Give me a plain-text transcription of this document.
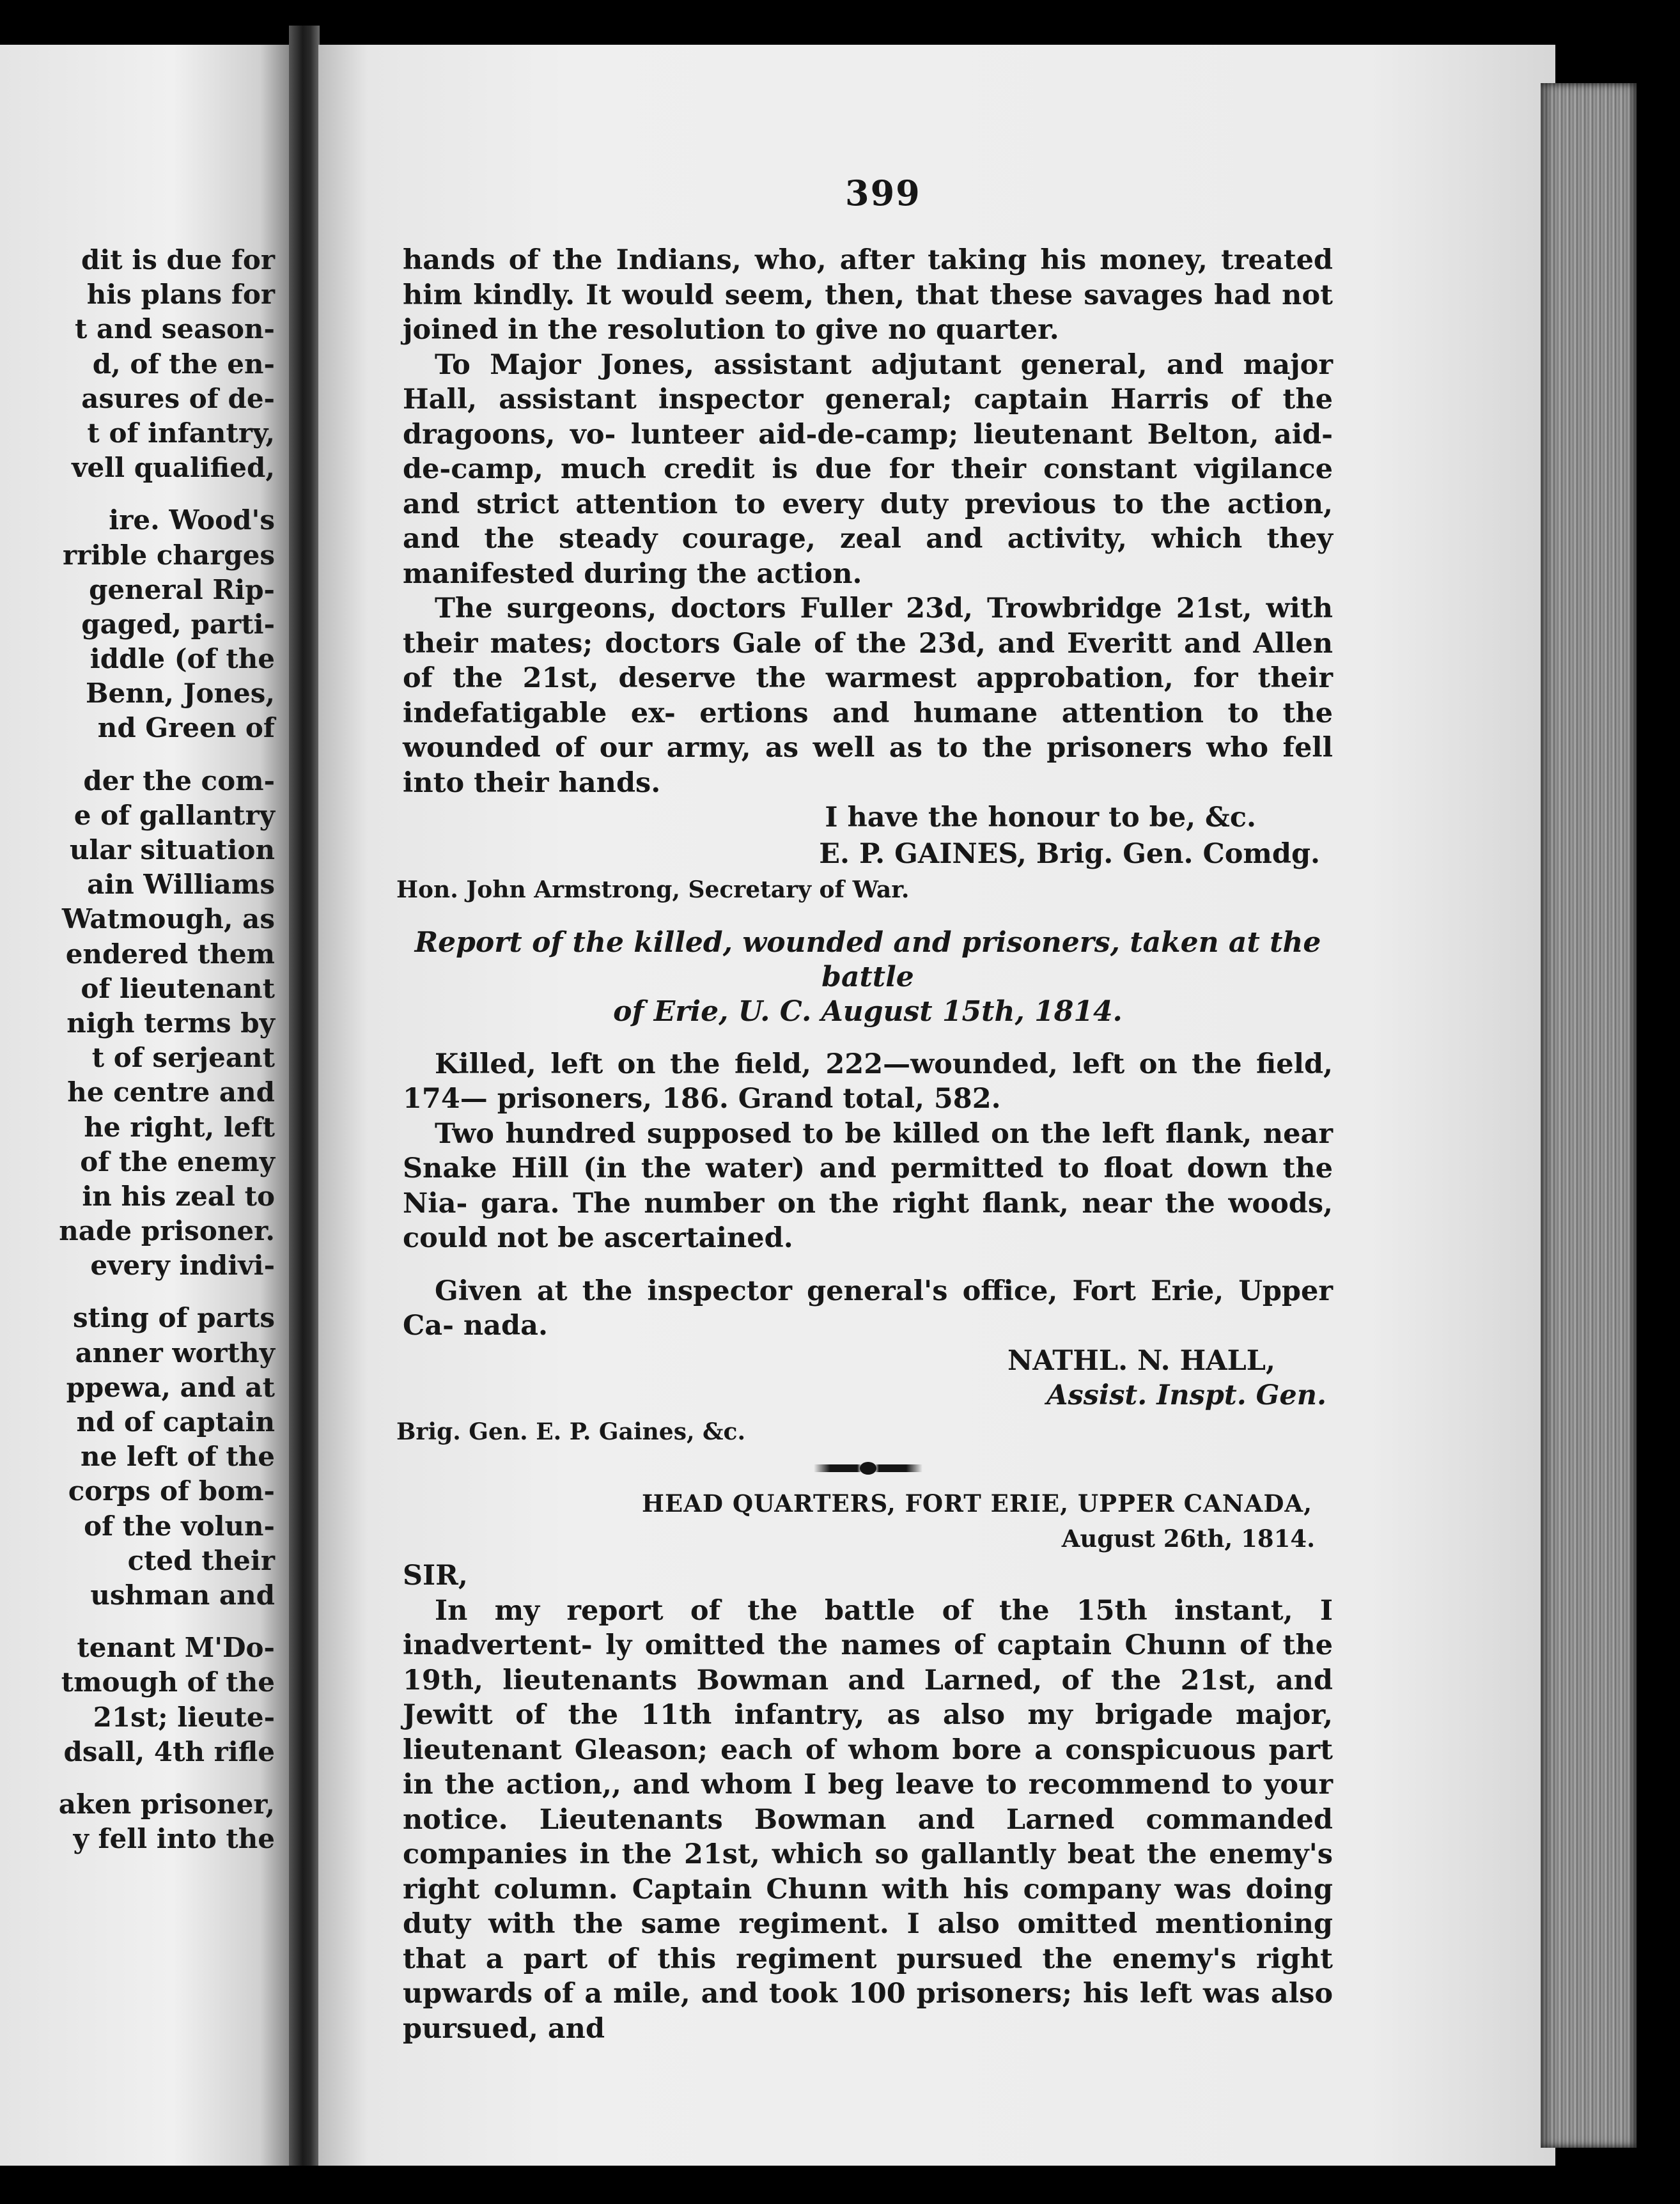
dit is due for
his plans for
t and season-
d, of the en-
asures of de-
t of infantry,
vell qualified,
ire. Wood's
rrible charges
general Rip-
gaged, parti-
iddle (of the
Benn, Jones,
nd Green of
der the com-
e of gallantry
ular situation
ain Williams
Watmough, as
endered them
of lieutenant
nigh terms by
t of serjeant
he centre and
he right, left
of the enemy
in his zeal to
nade prisoner.
every indivi-
sting of parts
anner worthy
ppewa, and at
nd of captain
ne left of the
corps of bom-
of the volun-
cted their
ushman and
tenant M'Do-
tmough of the
21st; lieute-
dsall, 4th rifle
aken prisoner,
y fell into the
399

hands of the Indians, who, after taking his money, treated him kindly. It would seem, then, that these savages had not joined in the resolution to give no quarter.

To Major Jones, assistant adjutant general, and major Hall, assistant inspector general; captain Harris of the dragoons, vo- lunteer aid-de-camp; lieutenant Belton, aid-de-camp, much credit is due for their constant vigilance and strict attention to every duty previous to the action, and the steady courage, zeal and activity, which they manifested during the action.

The surgeons, doctors Fuller 23d, Trowbridge 21st, with their mates; doctors Gale of the 23d, and Everitt and Allen of the 21st, deserve the warmest approbation, for their indefatigable ex- ertions and humane attention to the wounded of our army, as well as to the prisoners who fell into their hands.

I have the honour to be, &c.
E. P. GAINES, Brig. Gen. Comdg.
Hon. John Armstrong, Secretary of War.
Report of the killed, wounded and prisoners, taken at the battle
of Erie, U. C. August 15th, 1814.

Killed, left on the field, 222—wounded, left on the field, 174— prisoners, 186. Grand total, 582.

Two hundred supposed to be killed on the left flank, near Snake Hill (in the water) and permitted to float down the Nia- gara. The number on the right flank, near the woods, could not be ascertained.

Given at the inspector general's office, Fort Erie, Upper Ca- nada.

NATHL. N. HALL,
Assist. Inspt. Gen.
Brig. Gen. E. P. Gaines, &c.
HEAD QUARTERS, FORT ERIE, UPPER CANADA,
August 26th, 1814.
SIR,

In my report of the battle of the 15th instant, I inadvertent- ly omitted the names of captain Chunn of the 19th, lieutenants Bowman and Larned, of the 21st, and Jewitt of the 11th infantry, as also my brigade major, lieutenant Gleason; each of whom bore a conspicuous part in the action,, and whom I beg leave to recommend to your notice. Lieutenants Bowman and Larned commanded companies in the 21st, which so gallantly beat the enemy's right column. Captain Chunn with his company was doing duty with the same regiment. I also omitted mentioning that a part of this regiment pursued the enemy's right upwards of a mile, and took 100 prisoners; his left was also pursued, and
